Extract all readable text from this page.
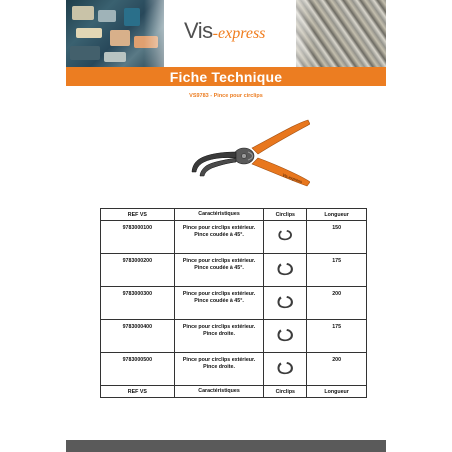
Vis-express
Fiche Technique
VS9783 - Pince pour circlips
Vis-express
REF VS	Caractéristiques	Circlips	Longueur
9783000100	Pince pour circlips extérieur.
Pince coudée à 45°.		150
9783000200	Pince pour circlips extérieur.
Pince coudée à 45°.		175
9783000300	Pince pour circlips extérieur.
Pince coudée à 45°.		200
9783000400	Pince pour circlips extérieur.
Pince droite.		175
9783000500	Pince pour circlips extérieur.
Pince droite.		200
REF VS	Caractéristiques	Circlips	Longueur
